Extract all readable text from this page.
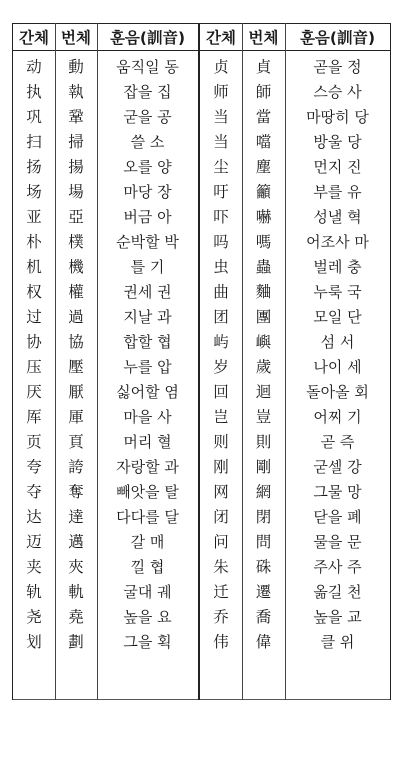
간체 번체	훈음(訓音)	간체 번체	훈음(訓音)
动	動	움직일 동	贞	貞	곧을 정
执	執	잡을 집	师	師	스승 사
巩	鞏	굳을 공	当	當	마땅히 당
扫	掃	쓸 소	当	噹	방울 당
扬	揚	오를 양	尘	塵	먼지 진
场	場	마당 장	吁	籲	부를 유
亚	亞	버금 아	吓	嚇	성낼 혁
朴	樸	순박할 박	吗	嗎	어조사 마
机	機	틀 기	虫	蟲	벌레 충
权	權	권세 권	曲	麯	누룩 국
过	過	지날 과	团	團	모일 단
协	協	합할 협	屿	嶼	섬 서
压	壓	누를 압	岁	歲	나이 세
厌	厭	싫어할 염	回	迴	돌아올 회
厍	厙	마을 사	岂	豈	어찌 기
页	頁	머리 혈	则	則	곧 즉
夸	誇	자랑할 과	刚	剛	굳셀 강
夺	奪	빼앗을 탈	网	網	그물 망
达	達	다다를 달	闭	閉	닫을 폐
迈	邁	갈 매	问	問	물을 문
夹	夾	낄 협	朱	硃	주사 주
轨	軌	굴대 궤	迁	遷	옮길 천
尧	堯	높을 요	乔	喬	높을 교
划	劃	그을 획	伟	偉	클 위
